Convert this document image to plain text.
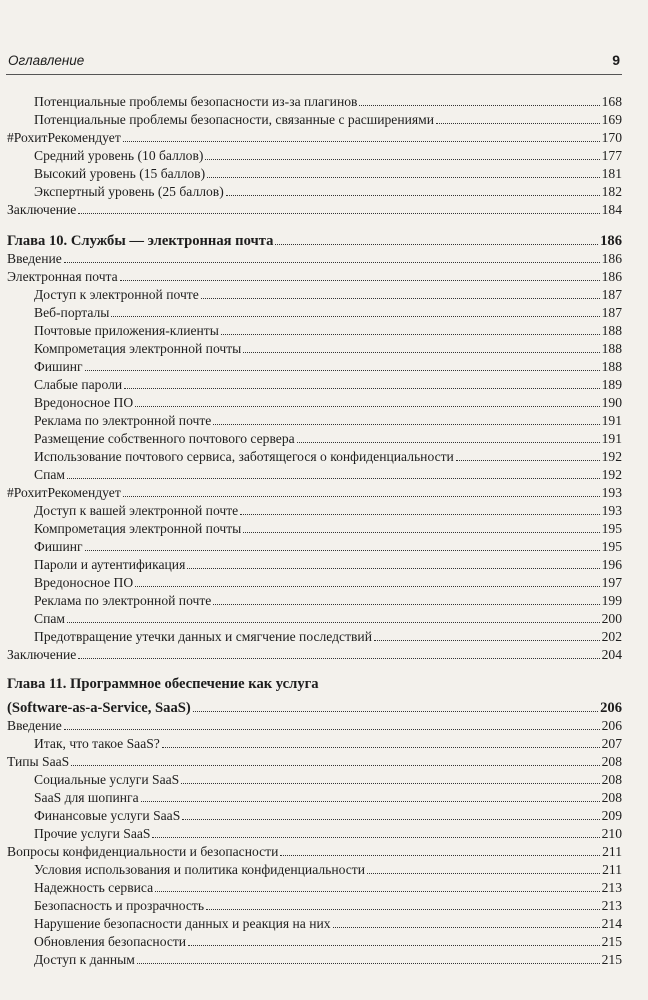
Оглавление	9
Потенциальные проблемы безопасности из-за плагинов	168
Потенциальные проблемы безопасности, связанные с расширениями	169
#РохитРекомендует	170
Средний уровень (10 баллов)	177
Высокий уровень (15 баллов)	181
Экспертный уровень (25 баллов)	182
Заключение	184
Глава 10. Службы — электронная почта	186
Введение	186
Электронная почта	186
Доступ к электронной почте	187
Веб-порталы	187
Почтовые приложения-клиенты	188
Компрометация электронной почты	188
Фишинг	188
Слабые пароли	189
Вредоносное ПО	190
Реклама по электронной почте	191
Размещение собственного почтового сервера	191
Использование почтового сервиса, заботящегося о конфиденциальности	192
Спам	192
#РохитРекомендует	193
Доступ к вашей электронной почте	193
Компрометация электронной почты	195
Фишинг	195
Пароли и аутентификация	196
Вредоносное ПО	197
Реклама по электронной почте	199
Спам	200
Предотвращение утечки данных и смягчение последствий	202
Заключение	204
Глава 11. Программное обеспечение как услуга
(Software-as-a-Service, SaaS)	206
Введение	206
Итак, что такое SaaS?	207
Типы SaaS	208
Социальные услуги SaaS	208
SaaS для шопинга	208
Финансовые услуги SaaS	209
Прочие услуги SaaS	210
Вопросы конфиденциальности и безопасности	211
Условия использования и политика конфиденциальности	211
Надежность сервиса	213
Безопасность и прозрачность	213
Нарушение безопасности данных и реакция на них	214
Обновления безопасности	215
Доступ к данным	215
